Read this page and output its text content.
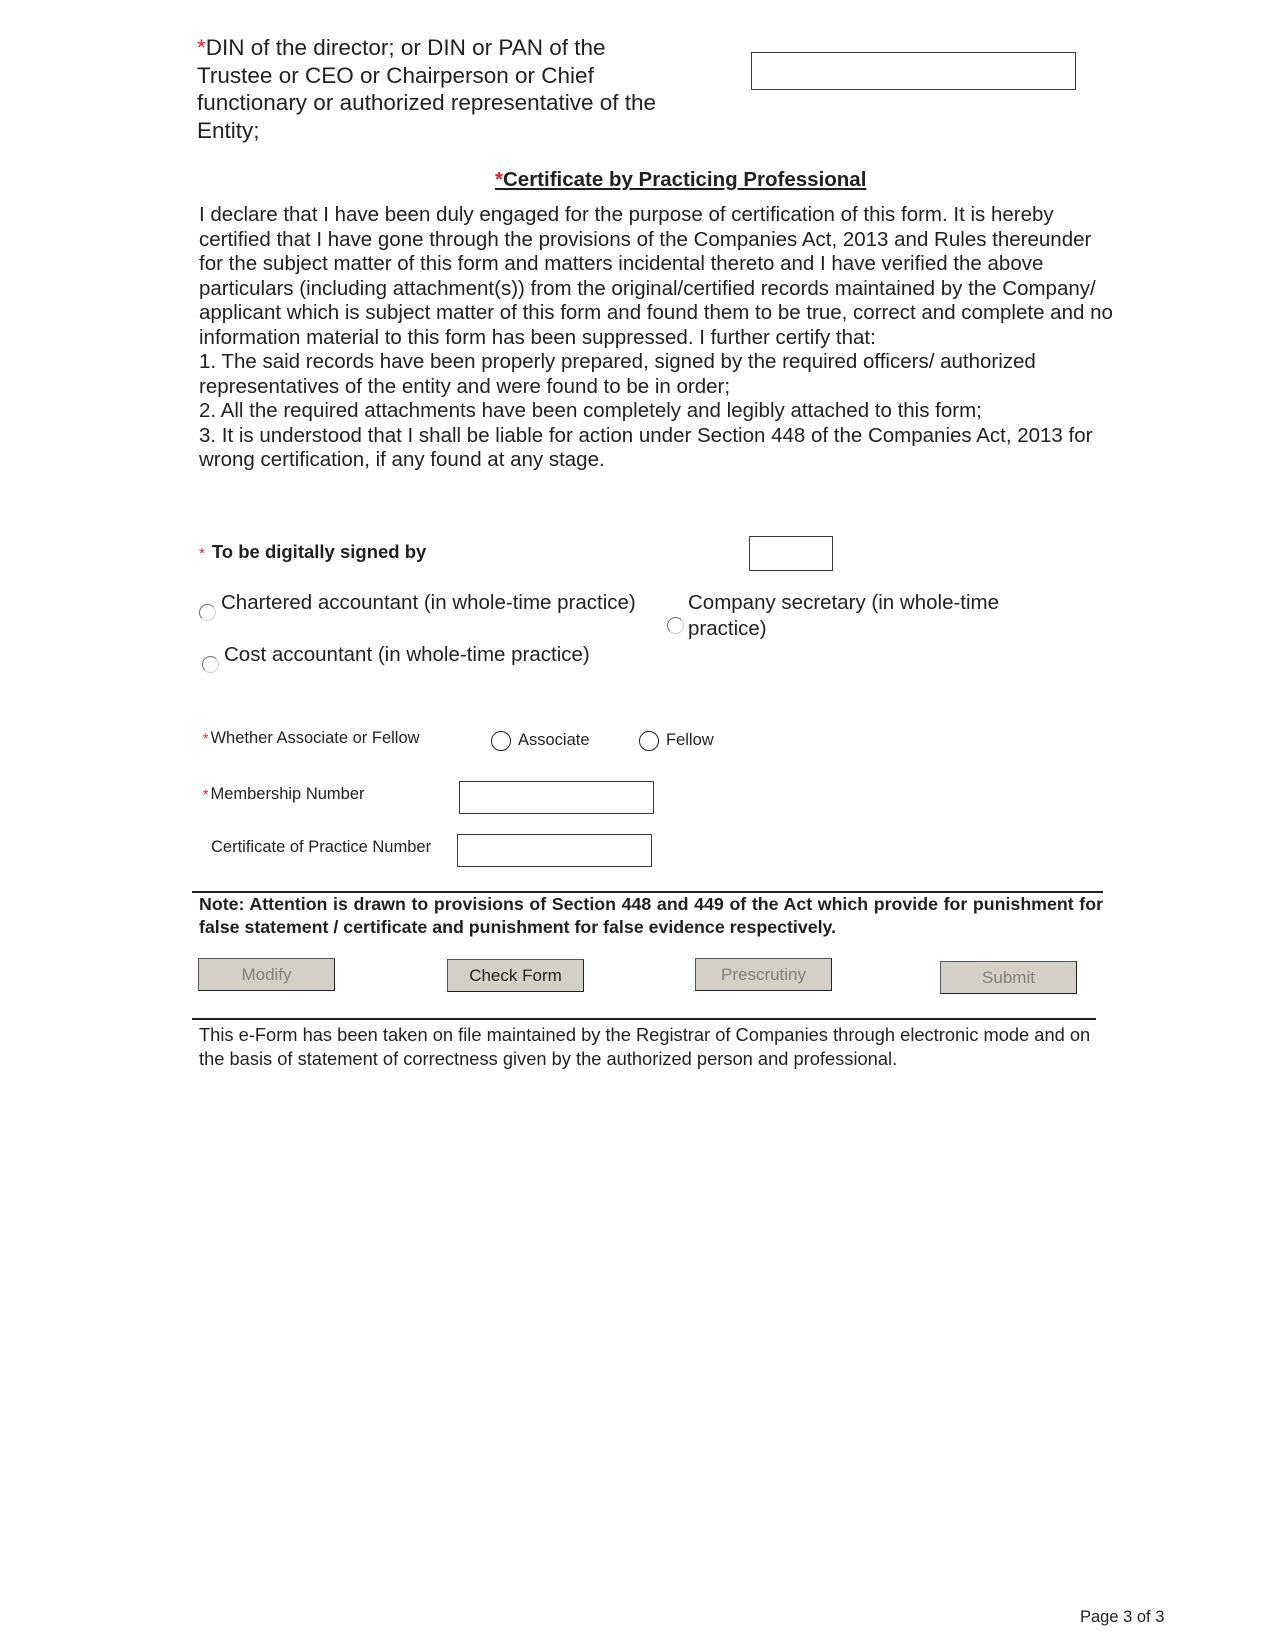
*DIN of the director; or DIN or PAN of the Trustee or CEO or Chairperson or Chief functionary or authorized representative of the Entity;
*Certificate by Practicing Professional
I declare that I have been duly engaged for the purpose of certification of this form. It is hereby certified that I have gone through the provisions of the Companies Act, 2013 and Rules thereunder for the subject matter of this form and matters incidental thereto and I have verified the above particulars (including attachment(s)) from the original/certified records maintained by the Company/ applicant which is subject matter of this form and found them to be true, correct and complete and no information material to this form has been suppressed. I further certify that:
1. The said records have been properly prepared, signed by the required officers/ authorized representatives of the entity and were found to be in order;
2. All the required attachments have been completely and legibly attached to this form;
3. It is understood that I shall be liable for action under Section 448 of the Companies Act, 2013 for wrong certification, if any found at any stage.
* To be digitally signed by
Chartered accountant (in whole-time practice)	Company secretary (in whole-time practice)
Cost accountant (in whole-time practice)
* Whether Associate or Fellow	Associate	Fellow
* Membership Number
Certificate of Practice Number
Note: Attention is drawn to provisions of Section 448 and 449 of the Act which provide for punishment for false statement / certificate and punishment for false evidence respectively.
Modify	Check Form	Prescrutiny	Submit
This e-Form has been taken on file maintained by the Registrar of Companies through electronic mode and on the basis of statement of correctness given by the authorized person and professional.
Page 3 of 3
